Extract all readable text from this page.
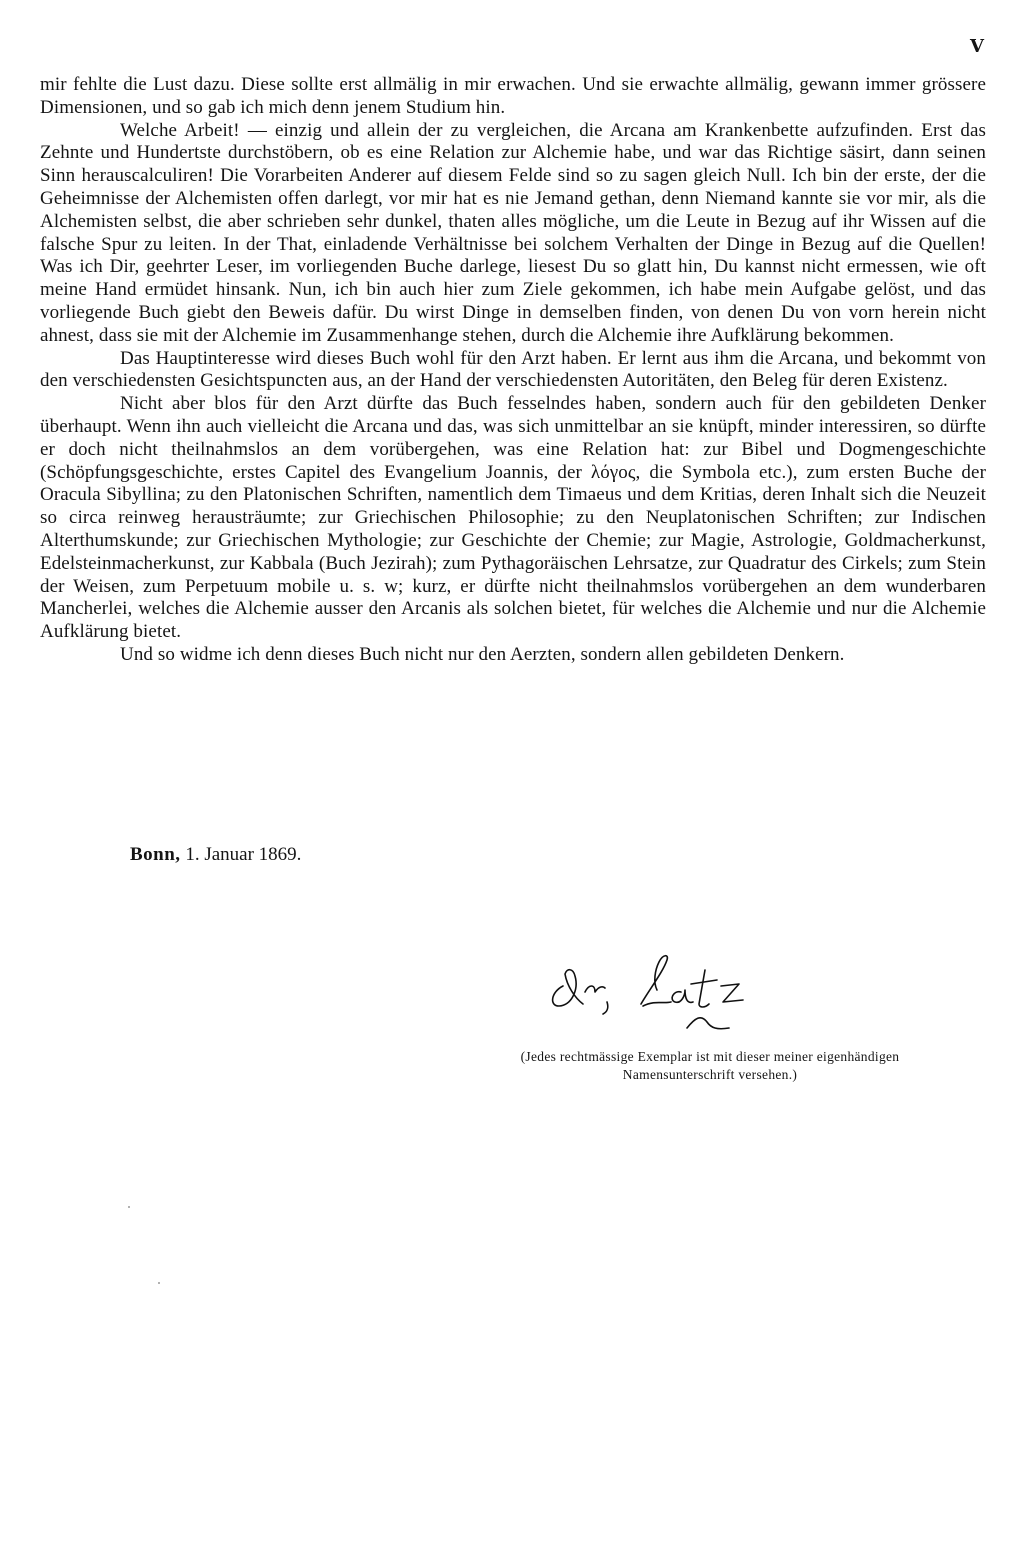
V

mir fehlte die Lust dazu. Diese sollte erst allmälig in mir erwachen. Und sie erwachte allmälig, gewann immer grössere Dimensionen, und so gab ich mich denn jenem Studium hin.

Welche Arbeit! — einzig und allein der zu vergleichen, die Arcana am Krankenbette aufzufinden. Erst das Zehnte und Hundertste durchstöbern, ob es eine Relation zur Alchemie habe, und war das Richtige säsirt, dann seinen Sinn herauscalculiren! Die Vorarbeiten Anderer auf diesem Felde sind so zu sagen gleich Null. Ich bin der erste, der die Geheimnisse der Alchemisten offen darlegt, vor mir hat es nie Jemand gethan, denn Niemand kannte sie vor mir, als die Alchemisten selbst, die aber schrieben sehr dunkel, thaten alles mögliche, um die Leute in Bezug auf ihr Wissen auf die falsche Spur zu leiten. In der That, einladende Verhältnisse bei solchem Verhalten der Dinge in Bezug auf die Quellen! Was ich Dir, geehrter Leser, im vorliegenden Buche darlege, liesest Du so glatt hin, Du kannst nicht ermessen, wie oft meine Hand ermüdet hinsank. Nun, ich bin auch hier zum Ziele gekommen, ich habe mein Aufgabe gelöst, und das vorliegende Buch giebt den Beweis dafür. Du wirst Dinge in demselben finden, von denen Du von vorn herein nicht ahnest, dass sie mit der Alchemie im Zusammenhange stehen, durch die Alchemie ihre Aufklärung bekommen.

Das Hauptinteresse wird dieses Buch wohl für den Arzt haben. Er lernt aus ihm die Arcana, und bekommt von den verschiedensten Gesichtspuncten aus, an der Hand der verschiedensten Autoritäten, den Beleg für deren Existenz.

Nicht aber blos für den Arzt dürfte das Buch fesselndes haben, sondern auch für den gebildeten Denker überhaupt. Wenn ihn auch vielleicht die Arcana und das, was sich unmittelbar an sie knüpft, minder interessiren, so dürfte er doch nicht theilnahmslos an dem vorübergehen, was eine Relation hat: zur Bibel und Dogmengeschichte (Schöpfungsgeschichte, erstes Capitel des Evangelium Joannis, der λόγος, die Symbola etc.), zum ersten Buche der Oracula Sibyllina; zu den Platonischen Schriften, namentlich dem Timaeus und dem Kritias, deren Inhalt sich die Neuzeit so circa reinweg herausträumte; zur Griechischen Philosophie; zu den Neuplatonischen Schriften; zur Indischen Alterthumskunde; zur Griechischen Mythologie; zur Geschichte der Chemie; zur Magie, Astrologie, Goldmacherkunst, Edelsteinmacherkunst, zur Kabbala (Buch Jezirah); zum Pythagoräischen Lehrsatze, zur Quadratur des Cirkels; zum Stein der Weisen, zum Perpetuum mobile u. s. w; kurz, er dürfte nicht theilnahmslos vorübergehen an dem wunderbaren Mancherlei, welches die Alchemie ausser den Arcanis als solchen bietet, für welches die Alchemie und nur die Alchemie Aufklärung bietet.

Und so widme ich denn dieses Buch nicht nur den Aerzten, sondern allen gebildeten Denkern.

Bonn, 1. Januar 1869.
Dr. Latz
(Jedes rechtmässige Exemplar ist mit dieser meiner eigenhändigen
Namensunterschrift versehen.)
